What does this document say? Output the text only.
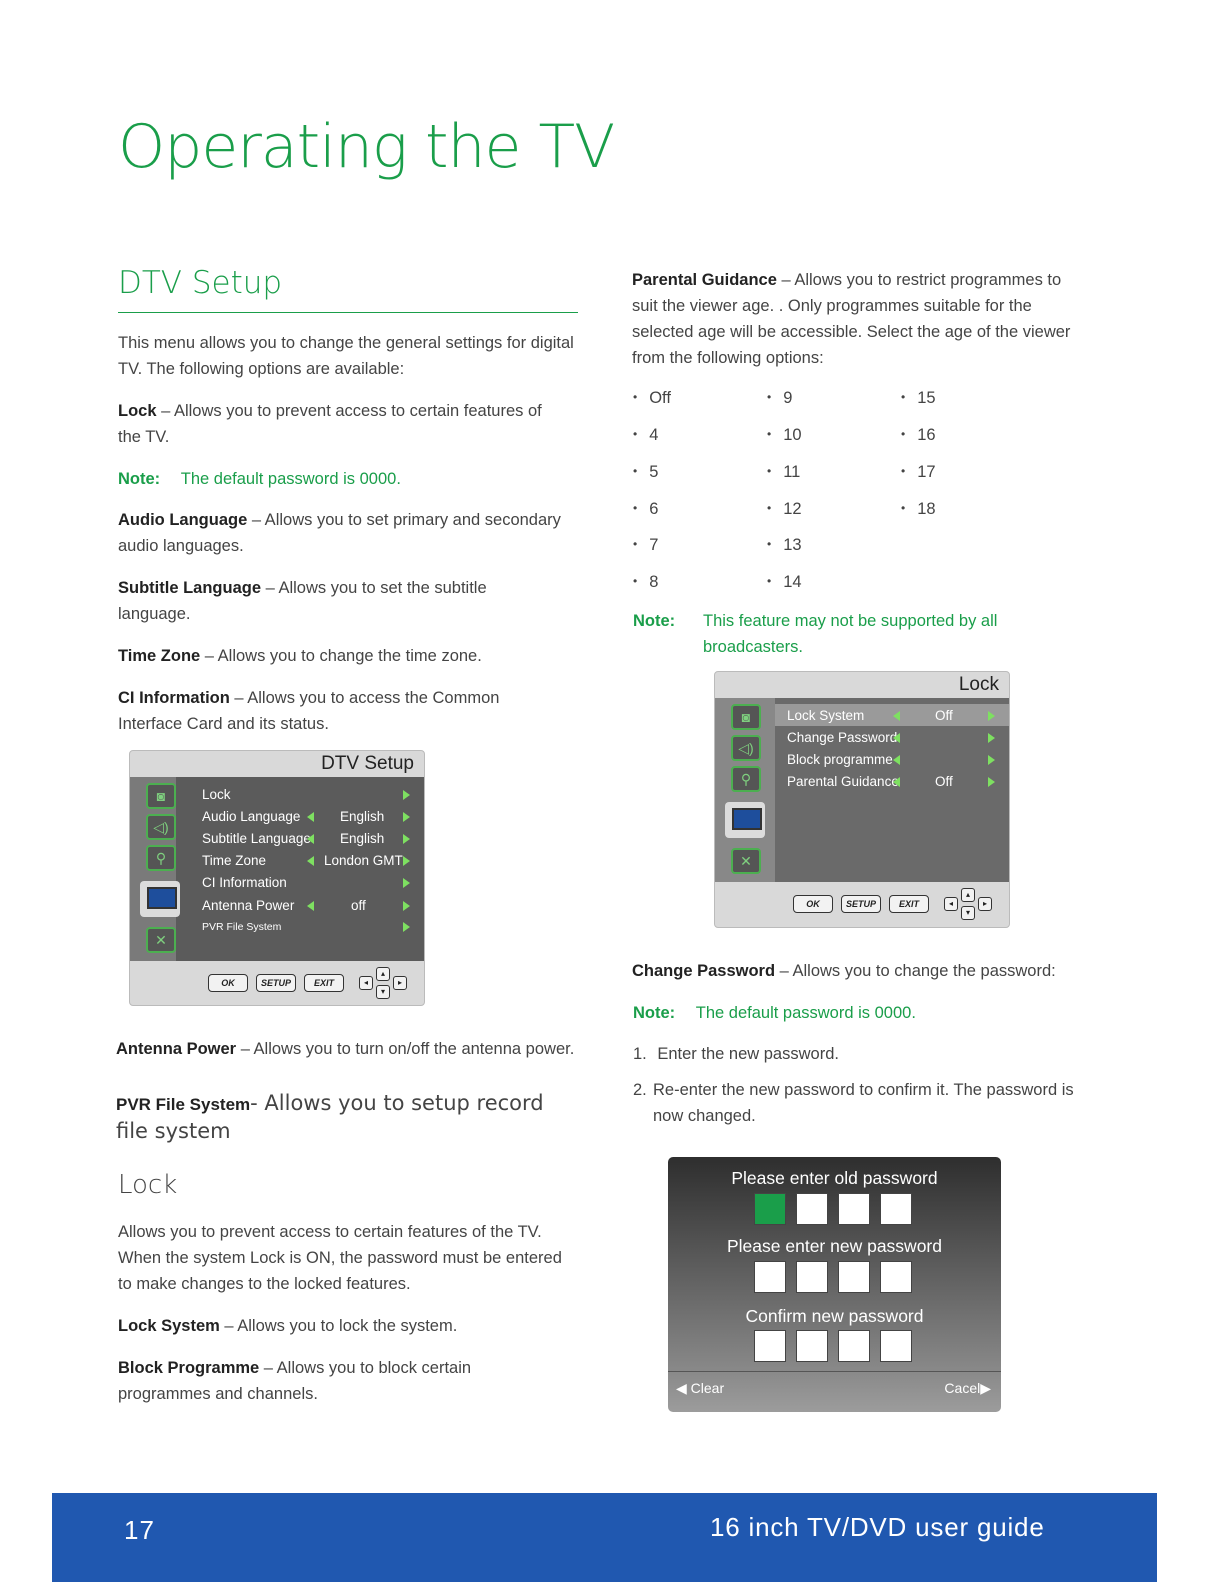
Operating the TV
DTV Setup
This menu allows you to change the general settings for digital TV. The following options are available:
Lock – Allows you to prevent access to certain features of the TV.
Note: The default password is 0000.
Audio Language – Allows you to set primary and secondary audio languages.
Subtitle Language – Allows you to set the subtitle language.
Time Zone – Allows you to change the time zone.
CI Information – Allows you to access the Common Interface Card and its status.
DTV Setup
◙
◁)
⚲
✕
Lock
Audio Language	English
Subtitle Language English
Time Zone	London GMT
CI Information
Antenna Power	off
PVR File System
OK	SETUP	EXIT	◂
▴
▾
▸
Antenna Power – Allows you to turn on/off the antenna power.
PVR File System- Allows you to setup record file system
Lock
Allows you to prevent access to certain features of the TV. When the system Lock is ON, the password must be entered to make changes to the locked features.
Lock System – Allows you to lock the system.
Block Programme – Allows you to block certain programmes and channels.
Parental Guidance – Allows you to restrict programmes to suit the viewer age. . Only programmes suitable for the selected age will be accessible. Select the age of the viewer from the following options:
• Off
• 4
• 5
• 6
• 7
• 8
• 9
• 10
• 11
• 12
• 13
• 14
• 15
• 16
• 17
• 18
Note: This feature may not be supported by all broadcasters.
Lock
◙
◁)
⚲
✕
Lock System	Off
Change Password
Block programme
Parental Guidance	Off
OK	SETUP	EXIT	◂
▴
▾
▸
Change Password – Allows you to change the password:
Note: The default password is 0000.
1. Enter the new password.
2. Re-enter the new password to confirm it. The password is now changed.
Please enter old password
Please enter new password
Confirm new password
◀ Clear	Cacel▶
17	16 inch TV/DVD user guide
